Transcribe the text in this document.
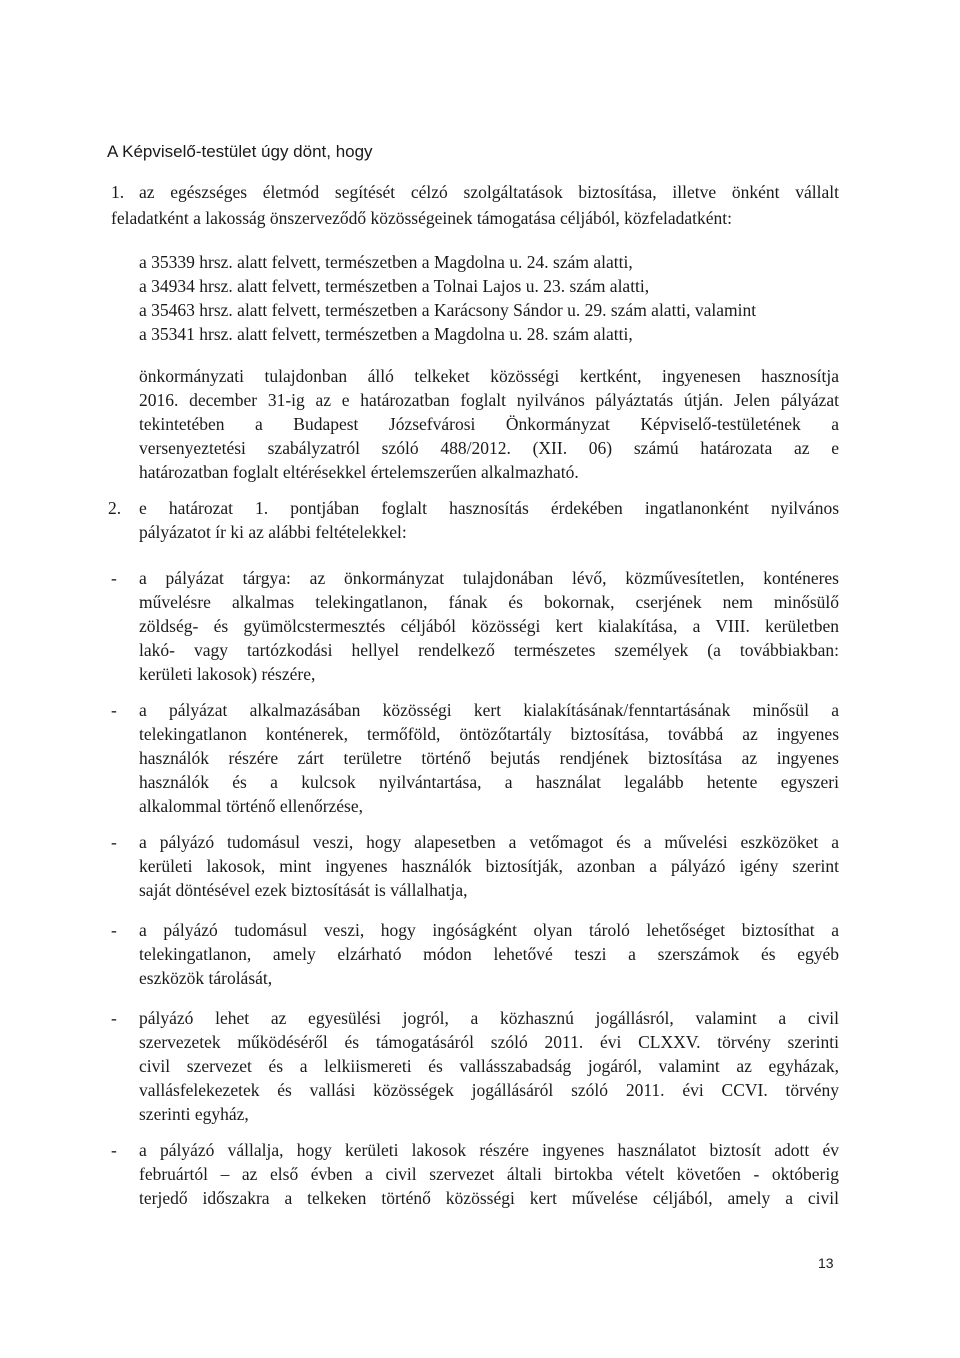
A Képviselő-testület úgy dönt, hogy
1. az egészséges életmód segítését célzó szolgáltatások biztosítása, illetve önként vállalt
feladatként a lakosság önszerveződő közösségeinek támogatása céljából, közfeladatként:
a 35339 hrsz. alatt felvett, természetben a Magdolna u. 24. szám alatti,
a 34934 hrsz. alatt felvett, természetben a Tolnai Lajos u. 23. szám alatti,
a 35463 hrsz. alatt felvett, természetben a Karácsony Sándor u. 29. szám alatti, valamint
a 35341 hrsz. alatt felvett, természetben a Magdolna u. 28. szám alatti,
önkormányzati tulajdonban álló telkeket közösségi kertként, ingyenesen hasznosítja
2016. december 31-ig az e határozatban foglalt nyilvános pályáztatás útján. Jelen pályázat
tekintetében a Budapest Józsefvárosi Önkormányzat Képviselő-testületének a
versenyeztetési szabályzatról szóló 488/2012. (XII. 06) számú határozata az e
határozatban foglalt eltérésekkel értelemszerűen alkalmazható.
2. e határozat 1. pontjában foglalt hasznosítás érdekében ingatlanonként nyilvános
pályázatot ír ki az alábbi feltételekkel:
- a pályázat tárgya: az önkormányzat tulajdonában lévő, közművesítetlen, konténeres
művelésre alkalmas telekingatlanon, fának és bokornak, cserjének nem minősülő
zöldség- és gyümölcstermesztés céljából közösségi kert kialakítása, a VIII. kerületben
lakó- vagy tartózkodási hellyel rendelkező természetes személyek (a továbbiakban:
kerületi lakosok) részére,
- a pályázat alkalmazásában közösségi kert kialakításának/fenntartásának minősül a
telekingatlanon konténerek, termőföld, öntözőtartály biztosítása, továbbá az ingyenes
használók részére zárt területre történő bejutás rendjének biztosítása az ingyenes
használók és a kulcsok nyilvántartása, a használat legalább hetente egyszeri
alkalommal történő ellenőrzése,
- a pályázó tudomásul veszi, hogy alapesetben a vetőmagot és a művelési eszközöket a
kerületi lakosok, mint ingyenes használók biztosítják, azonban a pályázó igény szerint
saját döntésével ezek biztosítását is vállalhatja,
- a pályázó tudomásul veszi, hogy ingóságként olyan tároló lehetőséget biztosíthat a
telekingatlanon, amely elzárható módon lehetővé teszi a szerszámok és egyéb
eszközök tárolását,
- pályázó lehet az egyesülési jogról, a közhasznú jogállásról, valamint a civil
szervezetek működéséről és támogatásáról szóló 2011. évi CLXXV. törvény szerinti
civil szervezet és a lelkiismereti és vallásszabadság jogáról, valamint az egyházak,
vallásfelekezetek és vallási közösségek jogállásáról szóló 2011. évi CCVI. törvény
szerinti egyház,
- a pályázó vállalja, hogy kerületi lakosok részére ingyenes használatot biztosít adott év
februártól – az első évben a civil szervezet általi birtokba vételt követően - októberig
terjedő időszakra a telkeken történő közösségi kert művelése céljából, amely a civil
13
